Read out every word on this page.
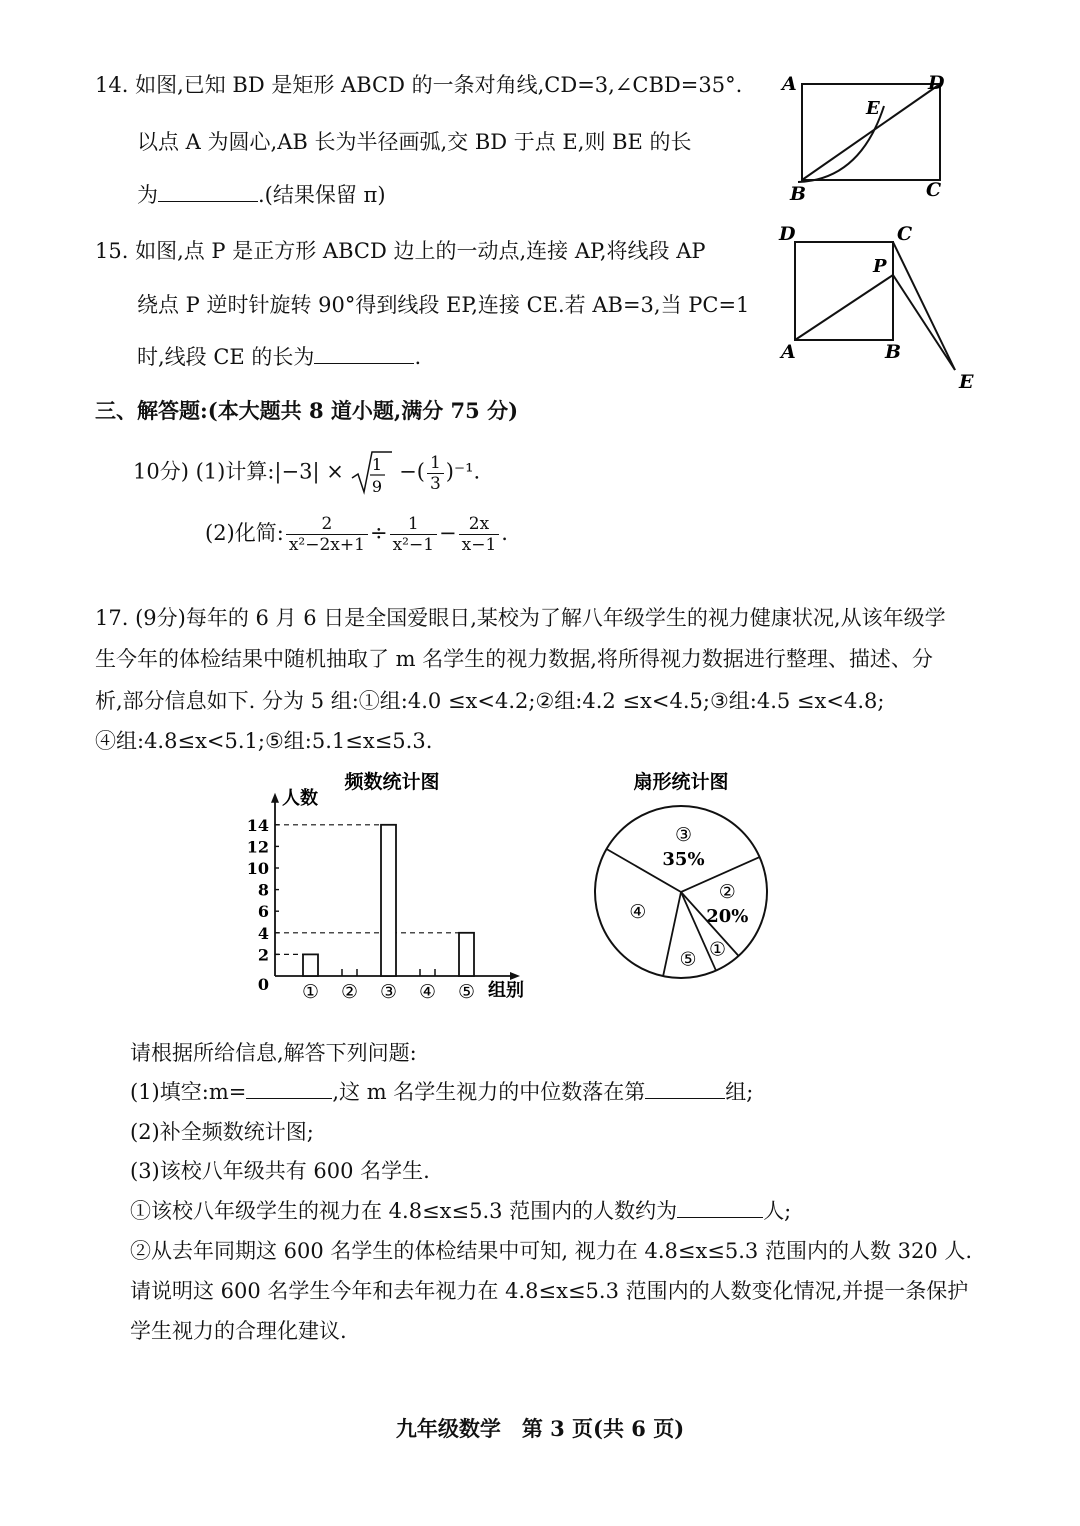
14. 如图,已知 BD 是矩形 ABCD 的一条对角线,CD=3,∠CBD=35°.
以点 A 为圆心,AB 长为半径画弧,交 BD 于点 E,则 BE 的长
为	.(结果保留 π)
A	D
E
B	C
15. 如图,点 P 是正方形 ABCD 边上的一动点,连接 AP,将线段 AP
绕点 P 逆时针旋转 90°得到线段 EP,连接 CE.若 AB=3,当 PC=1
时,线段 CE 的长为	.
D	C
P
A	B
E
三、解答题:(本大题共 8 道小题,满分 75 分)
10分) (1)计算:|−3| × 1
9
−( $\frac{1}{3} )^{-1}$.
(2)化简: $\frac{2}{\text{x²−2x+1}} \div \frac{1}{\text{x²−1}} - \frac{2x}{x-1}$ .
17. (9分)每年的 6 月 6 日是全国爱眼日,某校为了解八年级学生的视力健康状况,从该年级学
生今年的体检结果中随机抽取了 m 名学生的视力数据,将所得视力数据进行整理、描述、分
析,部分信息如下. 分为 5 组:①组:4.0 ≤x<4.2;②组:4.2 ≤x<4.5;③组:4.5 ≤x<4.8;
④组:4.8≤x<5.1;⑤组:5.1≤x≤5.3.
频数统计图
人数
组别
0
2
4
6
8
10
12
14
① ② ③ ④ ⑤
扇形统计图
③
35%
②
20%
①
⑤
④
请根据所给信息,解答下列问题:
(1)填空:m=	,这 m 名学生视力的中位数落在第	组;
(2)补全频数统计图;
(3)该校八年级共有 600 名学生.
①该校八年级学生的视力在 4.8≤x≤5.3 范围内的人数约为	人;
②从去年同期这 600 名学生的体检结果中可知, 视力在 4.8≤x≤5.3 范围内的人数 320 人.
请说明这 600 名学生今年和去年视力在 4.8≤x≤5.3 范围内的人数变化情况,并提一条保护
学生视力的合理化建议.
九年级数学　第 3 页(共 6 页)
